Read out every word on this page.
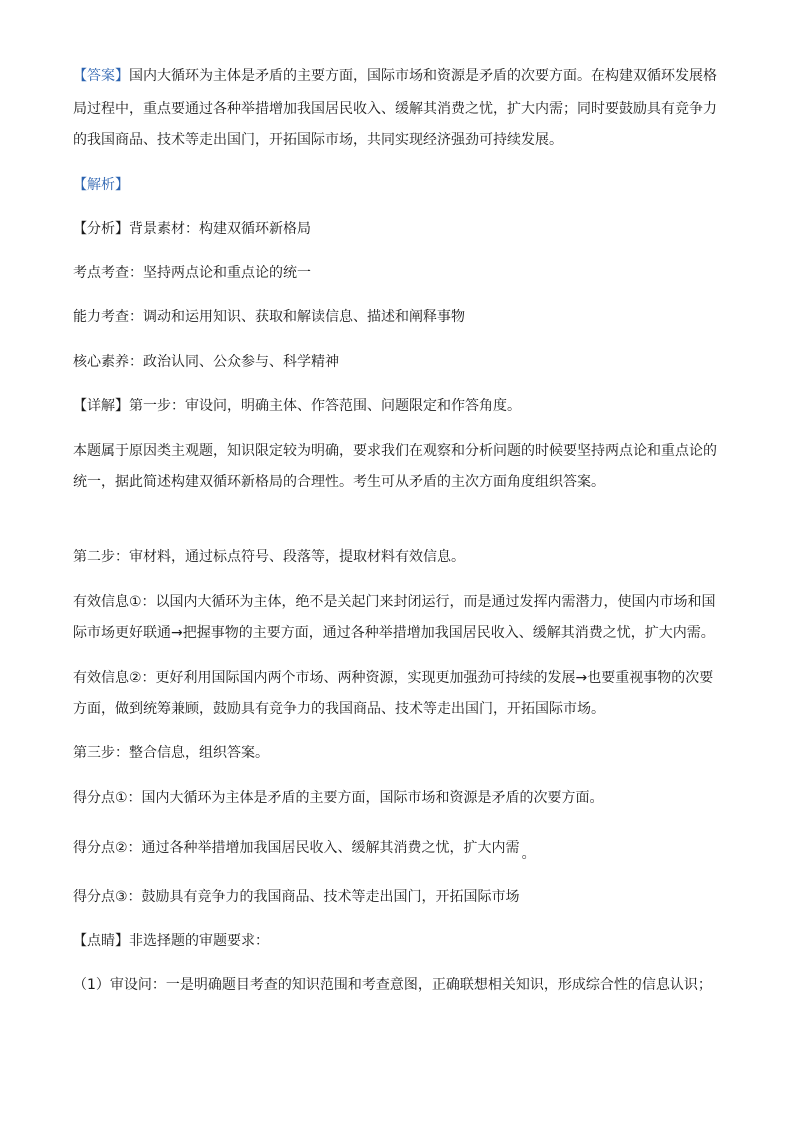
【答案】国内大循环为主体是矛盾的主要方面，国际市场和资源是矛盾的次要方面。在构建双循环发展格
局过程中，重点要通过各种举措增加我国居民收入、缓解其消费之忧，扩大内需；同时要鼓励具有竞争力
的我国商品、技术等走出国门，开拓国际市场，共同实现经济强劲可持续发展。
【解析】
【分析】背景素材：构建双循环新格局
考点考查：坚持两点论和重点论的统一
能力考查：调动和运用知识、获取和解读信息、描述和阐释事物
核心素养：政治认同、公众参与、科学精神
【详解】第一步：审设问，明确主体、作答范围、问题限定和作答角度。
本题属于原因类主观题，知识限定较为明确，要求我们在观察和分析问题的时候要坚持两点论和重点论的
统一，据此简述构建双循环新格局的合理性。考生可从矛盾的主次方面角度组织答案。
第二步：审材料，通过标点符号、段落等，提取材料有效信息。
有效信息①：以国内大循环为主体，绝不是关起门来封闭运行，而是通过发挥内需潜力，使国内市场和国
际市场更好联通→把握事物的主要方面，通过各种举措增加我国居民收入、缓解其消费之忧，扩大内需。
有效信息②：更好利用国际国内两个市场、两种资源，实现更加强劲可持续的发展→也要重视事物的次要
方面，做到统筹兼顾，鼓励具有竞争力的我国商品、技术等走出国门，开拓国际市场。
第三步：整合信息，组织答案。
得分点①：国内大循环为主体是矛盾的主要方面，国际市场和资源是矛盾的次要方面。
得分点②：通过各种举措增加我国居民收入、缓解其消费之忧，扩大内需 。
得分点③：鼓励具有竞争力的我国商品、技术等走出国门，开拓国际市场
【点睛】非选择题的审题要求：
（1）审设问：一是明确题目考查的知识范围和考查意图，正确联想相关知识，形成综合性的信息认识；
